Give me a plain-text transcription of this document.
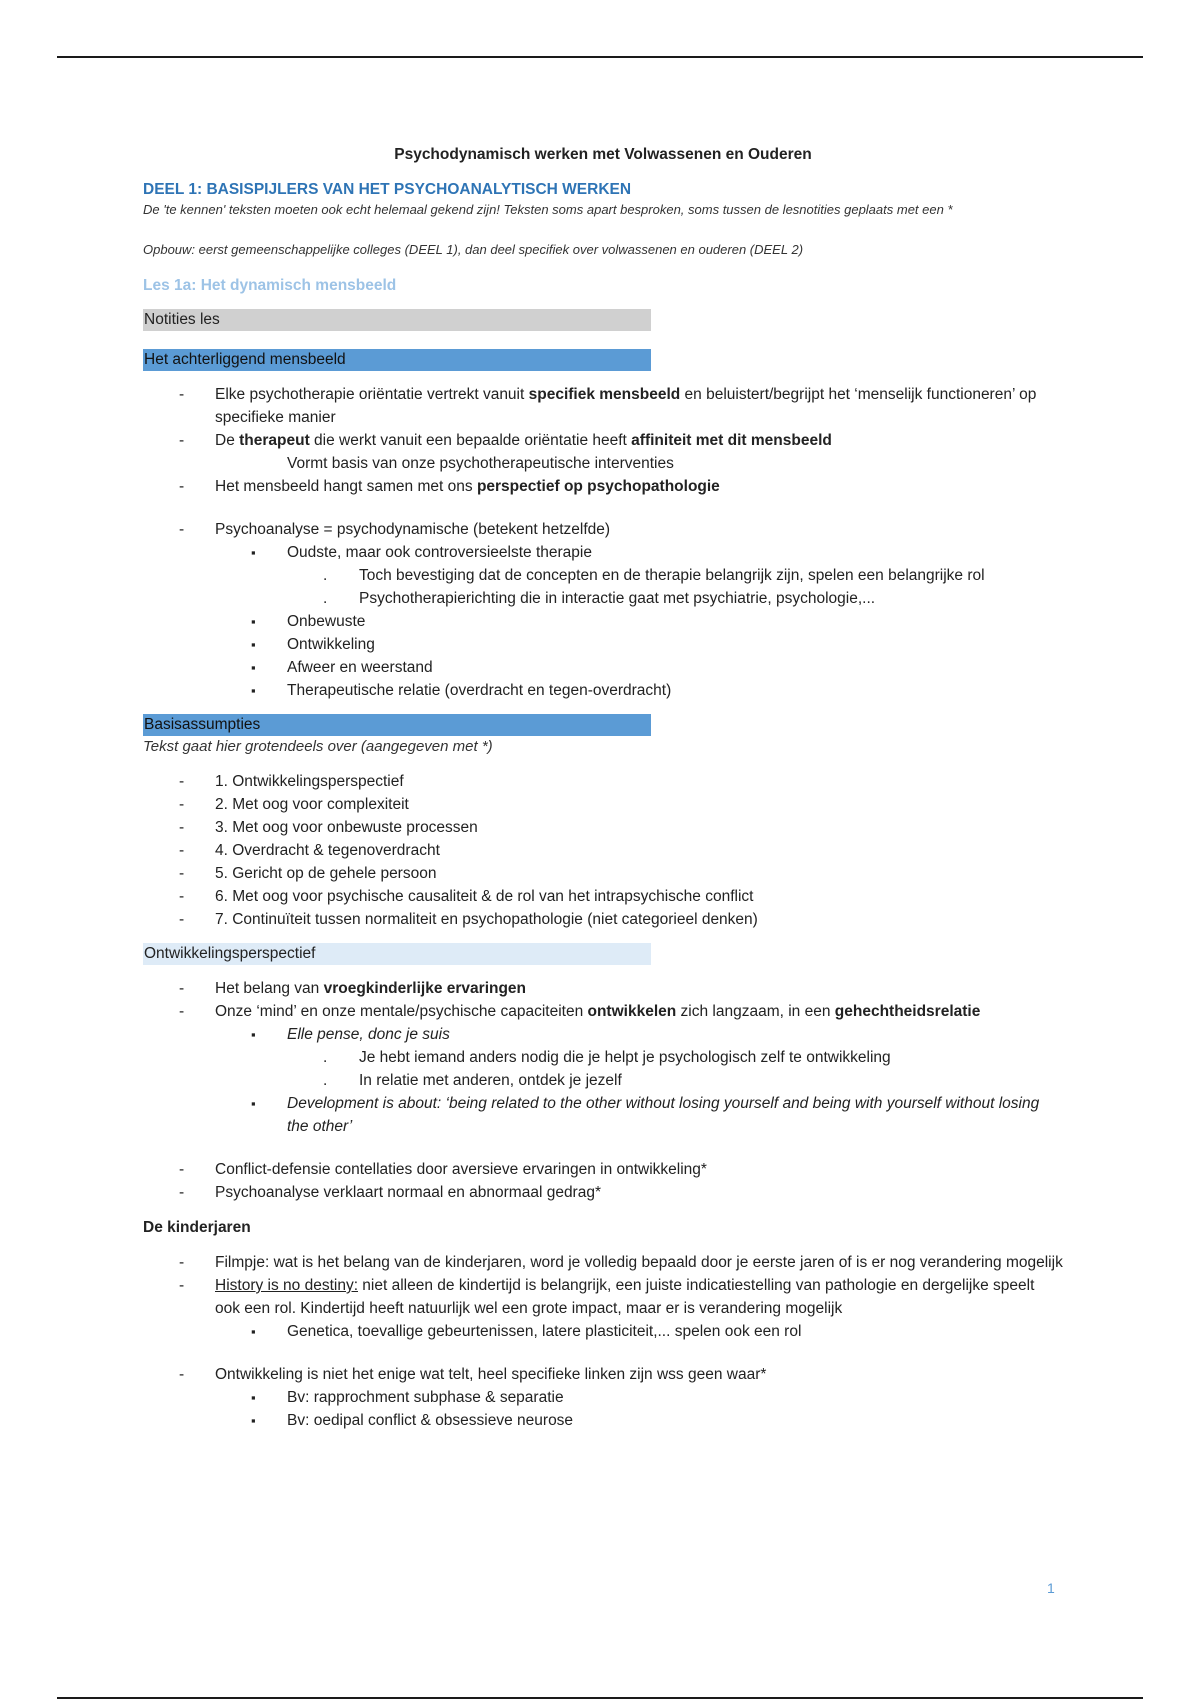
Psychodynamisch werken met Volwassenen en Ouderen
DEEL 1: BASISPIJLERS VAN HET PSYCHOANALYTISCH WERKEN
De 'te kennen' teksten moeten ook echt helemaal gekend zijn! Teksten soms apart besproken, soms tussen de lesnotities geplaats met een *
Opbouw: eerst gemeenschappelijke colleges (DEEL 1), dan deel specifiek over volwassenen en ouderen (DEEL 2)
Les 1a: Het dynamisch mensbeeld
Notities les
Het achterliggend mensbeeld
- Elke psychotherapie oriëntatie vertrekt vanuit specifiek mensbeeld en beluistert/begrijpt het ‘menselijk functioneren’ op specifieke manier
- De therapeut die werkt vanuit een bepaalde oriëntatie heeft affiniteit met dit mensbeeld
Vormt basis van onze psychotherapeutische interventies
- Het mensbeeld hangt samen met ons perspectief op psychopathologie
- Psychoanalyse = psychodynamische (betekent hetzelfde)
▪ Oudste, maar ook controversieelste therapie
. Toch bevestiging dat de concepten en de therapie belangrijk zijn, spelen een belangrijke rol
. Psychotherapierichting die in interactie gaat met psychiatrie, psychologie,...
▪ Onbewuste
▪ Ontwikkeling
▪ Afweer en weerstand
▪ Therapeutische relatie (overdracht en tegen-overdracht)
Basisassumpties
Tekst gaat hier grotendeels over (aangegeven met *)
- 1. Ontwikkelingsperspectief
- 2. Met oog voor complexiteit
- 3. Met oog voor onbewuste processen
- 4. Overdracht & tegenoverdracht
- 5. Gericht op de gehele persoon
- 6. Met oog voor psychische causaliteit & de rol van het intrapsychische conflict
- 7. Continuïteit tussen normaliteit en psychopathologie (niet categorieel denken)
Ontwikkelingsperspectief
- Het belang van vroegkinderlijke ervaringen
- Onze ‘mind’ en onze mentale/psychische capaciteiten ontwikkelen zich langzaam, in een gehechtheidsrelatie
▪ Elle pense, donc je suis
. Je hebt iemand anders nodig die je helpt je psychologisch zelf te ontwikkeling
. In relatie met anderen, ontdek je jezelf
▪ Development is about: ‘being related to the other without losing yourself and being with yourself without losing the other’
- Conflict-defensie contellaties door aversieve ervaringen in ontwikkeling*
- Psychoanalyse verklaart normaal en abnormaal gedrag*
De kinderjaren
- Filmpje: wat is het belang van de kinderjaren, word je volledig bepaald door je eerste jaren of is er nog verandering mogelijk
- History is no destiny: niet alleen de kindertijd is belangrijk, een juiste indicatiestelling van pathologie en dergelijke speelt ook een rol. Kindertijd heeft natuurlijk wel een grote impact, maar er is verandering mogelijk
▪ Genetica, toevallige gebeurtenissen, latere plasticiteit,... spelen ook een rol
- Ontwikkeling is niet het enige wat telt, heel specifieke linken zijn wss geen waar*
▪ Bv: rapprochment subphase & separatie
▪ Bv: oedipal conflict & obsessieve neurose
1
